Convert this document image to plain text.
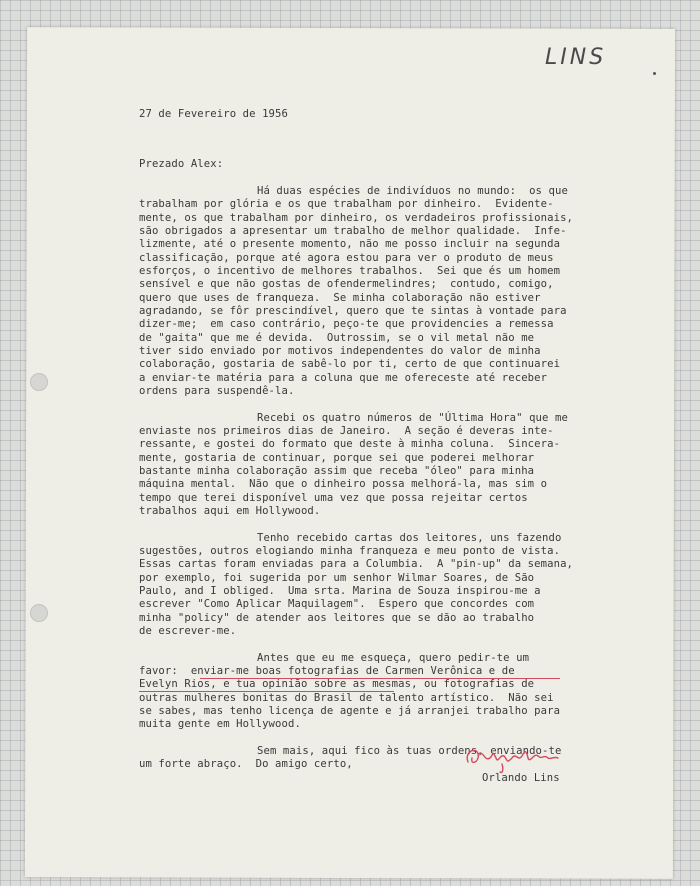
LINS
27 de Fevereiro de 1956
Prezado Alex:
Há duas espécies de indivíduos no mundo:  os que
trabalham por glória e os que trabalham por dinheiro.  Evidente-
mente, os que trabalham por dinheiro, os verdadeiros profissionais,
são obrigados a apresentar um trabalho de melhor qualidade.  Infe-
lizmente, até o presente momento, não me posso incluir na segunda
classificação, porque até agora estou para ver o produto de meus
esforços, o incentivo de melhores trabalhos.  Sei que és um homem
sensível e que não gostas de ofendermelindres;  contudo, comigo,
quero que uses de franqueza.  Se minha colaboração não estiver
agradando, se fôr prescindível, quero que te sintas à vontade para
dizer-me;  em caso contrário, peço-te que providencies a remessa
de "gaita" que me é devida.  Outrossim, se o vil metal não me
tiver sido enviado por motivos independentes do valor de minha
colaboração, gostaria de sabê-lo por ti, certo de que continuarei
a enviar-te matéria para a coluna que me ofereceste até receber
ordens para suspendê-la.
Recebi os quatro números de "Última Hora" que me
enviaste nos primeiros dias de Janeiro.  A seção é deveras inte-
ressante, e gostei do formato que deste à minha coluna.  Sincera-
mente, gostaria de continuar, porque sei que poderei melhorar
bastante minha colaboração assim que receba "óleo" para minha
máquina mental.  Não que o dinheiro possa melhorá-la, mas sim o
tempo que terei disponível uma vez que possa rejeitar certos
trabalhos aqui em Hollywood.
Tenho recebido cartas dos leitores, uns fazendo
sugestões, outros elogiando minha franqueza e meu ponto de vista.
Essas cartas foram enviadas para a Columbia.  A "pin-up" da semana,
por exemplo, foi sugerida por um senhor Wilmar Soares, de São
Paulo, and I obliged.  Uma srta. Marina de Souza inspirou-me a
escrever "Como Aplicar Maquilagem".  Espero que concordes com
minha "policy" de atender aos leitores que se dão ao trabalho
de escrever-me.
Antes que eu me esqueça, quero pedir-te um
favor:  enviar-me boas fotografias de Carmen Verônica e de
Evelyn Rios, e tua opinião sobre as mesmas, ou fotografias de
outras mulheres bonitas do Brasil de talento artístico.  Não sei
se sabes, mas tenho licença de agente e já arranjei trabalho para
muita gente em Hollywood.
Sem mais, aqui fico às tuas ordens, enviando-te
um forte abraço.  Do amigo certo,
Orlando Lins
